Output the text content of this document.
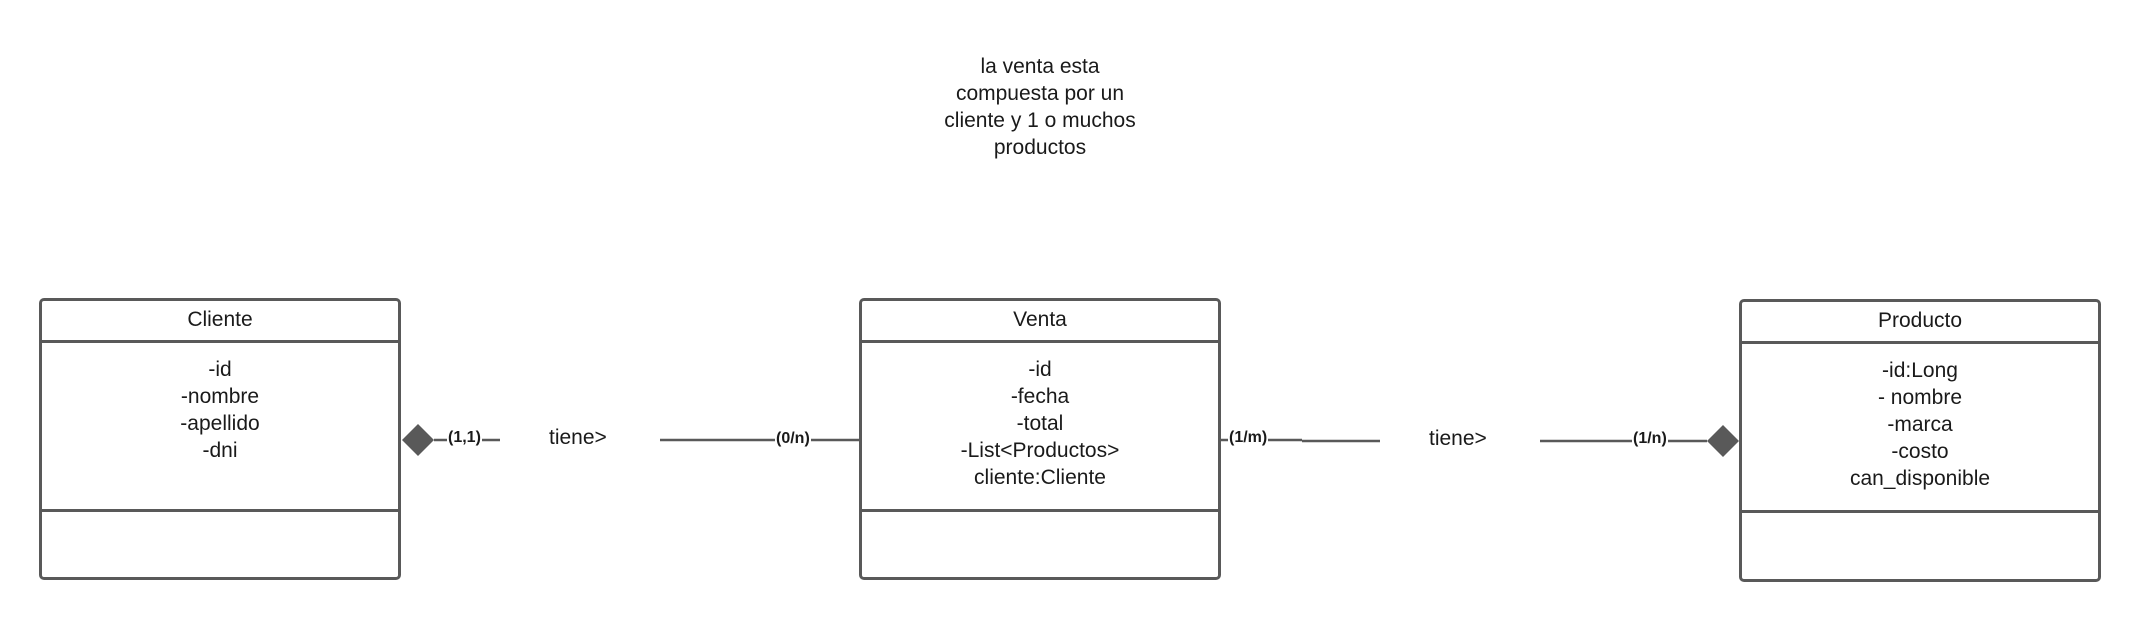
la venta esta
compuesta por un
cliente y 1 o muchos
productos
(1,1)	tiene>	(0/n)	(1/m)	tiene>	(1/n)
Cliente
-id
-nombre
-apellido
-dni
Venta
-id
-fecha
-total
-List<Productos>
cliente:Cliente
Producto
-id:Long
- nombre
-marca
-costo
can_disponible
